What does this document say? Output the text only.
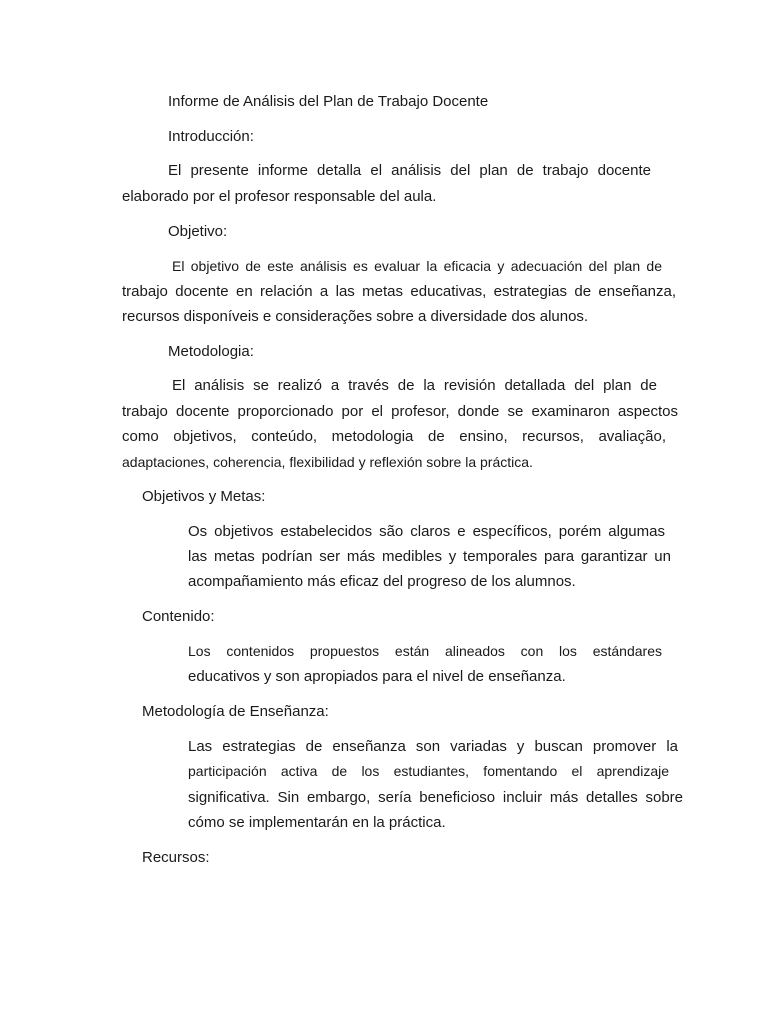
Informe de Análisis del Plan de Trabajo Docente
Introducción:
El presente informe detalla el análisis del plan de trabajo docente
elaborado por el profesor responsable del aula.
Objetivo:
El objetivo de este análisis es evaluar la eficacia y adecuación del plan de
trabajo docente en relación a las metas educativas, estrategias de enseñanza,
recursos disponíveis e considerações sobre a diversidade dos alunos.
Metodologia:
El análisis se realizó a través de la revisión detallada del plan de
trabajo docente proporcionado por el profesor, donde se examinaron aspectos
como objetivos, conteúdo, metodologia de ensino, recursos, avaliação,
adaptaciones, coherencia, flexibilidad y reflexión sobre la práctica.
Objetivos y Metas:
Os objetivos estabelecidos são claros e específicos, porém algumas
las metas podrían ser más medibles y temporales para garantizar un
acompañamiento más eficaz del progreso de los alumnos.
Contenido:
Los contenidos propuestos están alineados con los estándares
educativos y son apropiados para el nivel de enseñanza.
Metodología de Enseñanza:
Las estrategias de enseñanza son variadas y buscan promover la
participación activa de los estudiantes, fomentando el aprendizaje
significativa. Sin embargo, sería beneficioso incluir más detalles sobre
cómo se implementarán en la práctica.
Recursos:
